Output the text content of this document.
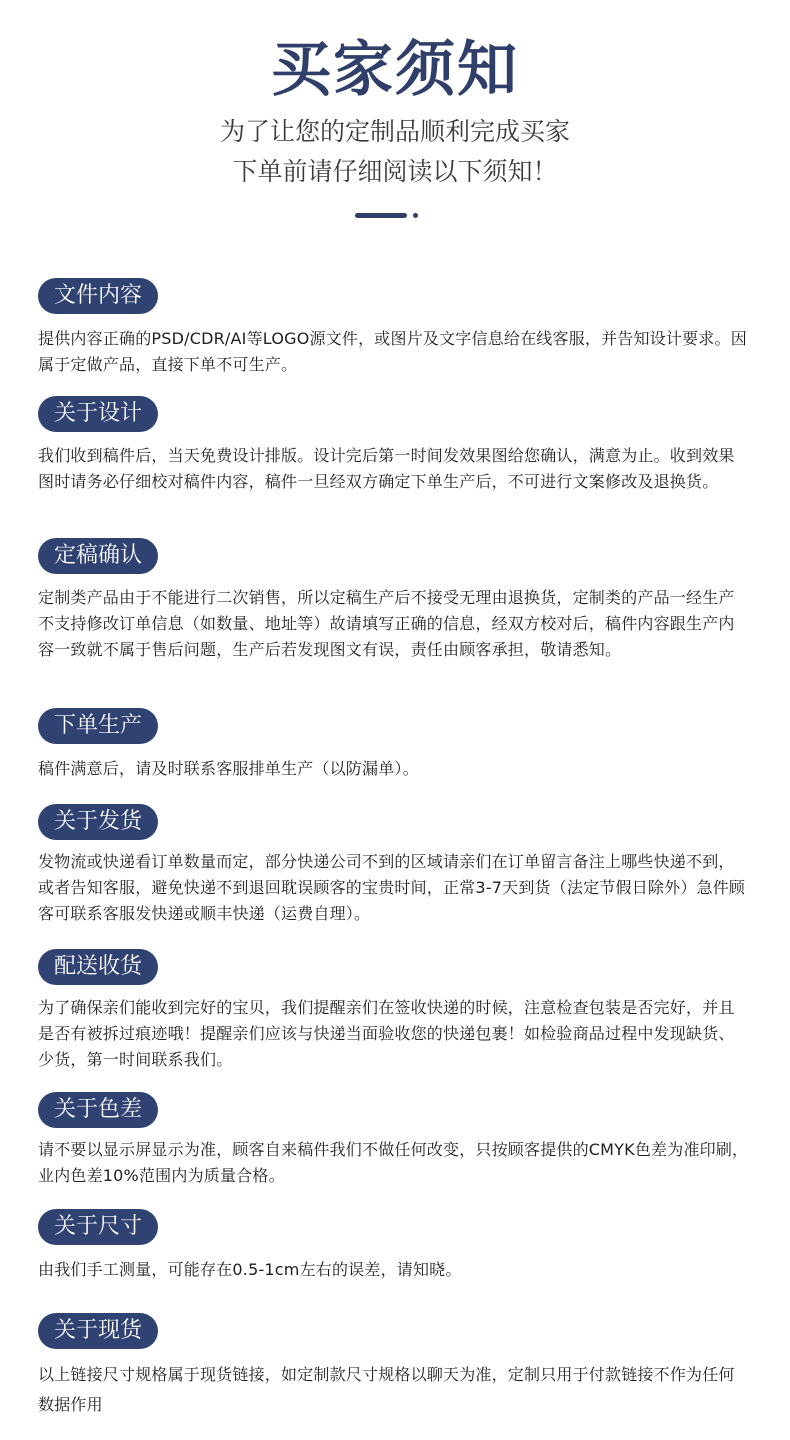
买家须知

为了让您的定制品顺利完成买家

下单前请仔细阅读以下须知！

文件内容

提供内容正确的PSD/CDR/AI等LOGO源文件，或图片及文字信息给在线客服，并告知设计要求。因属于定做产品，直接下单不可生产。

关于设计

我们收到稿件后，当天免费设计排版。设计完后第一时间发效果图给您确认，满意为止。收到效果图时请务必仔细校对稿件内容，稿件一旦经双方确定下单生产后，不可进行文案修改及退换货。

定稿确认

定制类产品由于不能进行二次销售，所以定稿生产后不接受无理由退换货，定制类的产品一经生产不支持修改订单信息（如数量、地址等）故请填写正确的信息，经双方校对后，稿件内容跟生产内容一致就不属于售后问题，生产后若发现图文有误，责任由顾客承担，敬请悉知。

下单生产

稿件满意后，请及时联系客服排单生产（以防漏单）。

关于发货

发物流或快递看订单数量而定，部分快递公司不到的区域请亲们在订单留言备注上哪些快递不到，或者告知客服，避免快递不到退回耽误顾客的宝贵时间，正常3-7天到货（法定节假日除外）急件顾客可联系客服发快递或顺丰快递（运费自理）。

配送收货

为了确保亲们能收到完好的宝贝，我们提醒亲们在签收快递的时候，注意检查包装是否完好，并且是否有被拆过痕迹哦！提醒亲们应该与快递当面验收您的快递包裹！如检验商品过程中发现缺货、少货，第一时间联系我们。

关于色差

请不要以显示屏显示为准，顾客自来稿件我们不做任何改变，只按顾客提供的CMYK色差为准印刷，业内色差10%范围内为质量合格。

关于尺寸

由我们手工测量，可能存在0.5-1cm左右的误差，请知晓。

关于现货

以上链接尺寸规格属于现货链接，如定制款尺寸规格以聊天为准，定制只用于付款链接不作为任何数据作用
